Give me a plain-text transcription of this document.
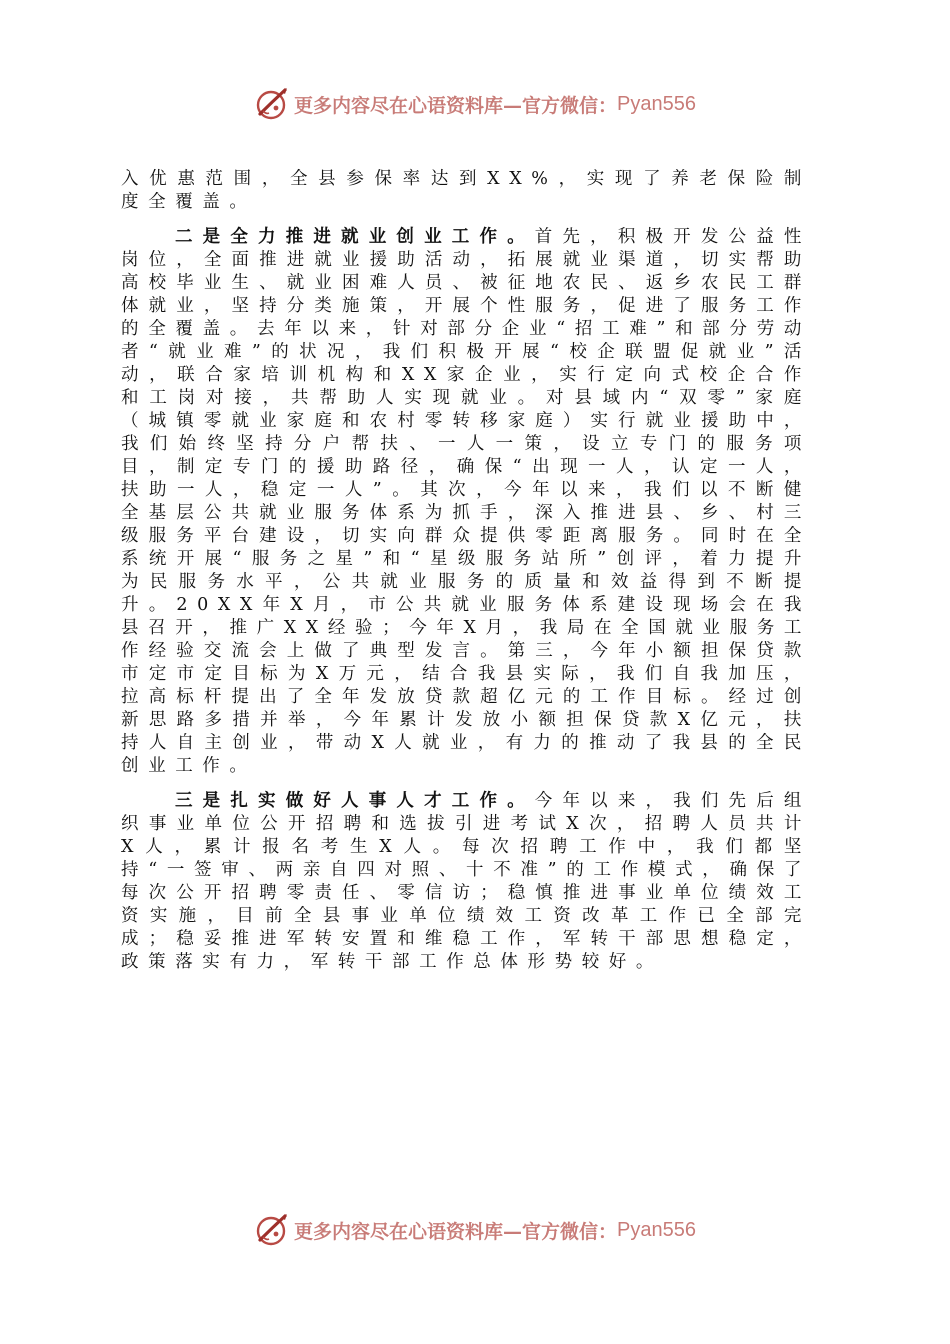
更多内容尽在心语资料库—官方微信： Pyan556

入优惠范围，全县参保率达到XX%，实现了养老保险制度全覆盖。

二是全力推进就业创业工作。首先，积极开发公益性岗位，全面推进就业援助活动，拓展就业渠道，切实帮助高校毕业生、就业困难人员、被征地农民、返乡农民工群体就业，坚持分类施策，开展个性服务，促进了服务工作的全覆盖。去年以来，针对部分企业“招工难”和部分劳动者“就业难”的状况，我们积极开展“校企联盟促就业”活动，联合家培训机构和XX家企业，实行定向式校企合作和工岗对接，共帮助人实现就业。对县域内“双零”家庭（城镇零就业家庭和农村零转移家庭）实行就业援助中，我们始终坚持分户帮扶、一人一策，设立专门的服务项目，制定专门的援助路径，确保“出现一人，认定一人，扶助一人，稳定一人”。其次，今年以来，我们以不断健全基层公共就业服务体系为抓手，深入推进县、乡、村三级服务平台建设，切实向群众提供零距离服务。同时在全系统开展“服务之星”和“星级服务站所”创评，着力提升为民服务水平，公共就业服务的质量和效益得到不断提升。20XX年X月，市公共就业服务体系建设现场会在我县召开，推广XX经验；今年X月，我局在全国就业服务工作经验交流会上做了典型发言。第三，今年小额担保贷款市定市定目标为X万元，结合我县实际，我们自我加压，拉高标杆提出了全年发放贷款超亿元的工作目标。经过创新思路多措并举，今年累计发放小额担保贷款X亿元，扶持人自主创业，带动X人就业，有力的推动了我县的全民创业工作。

三是扎实做好人事人才工作。今年以来，我们先后组织事业单位公开招聘和选拔引进考试X次，招聘人员共计X人，累计报名考生X人。每次招聘工作中，我们都坚持“一签审、两亲自四对照、十不准”的工作模式，确保了每次公开招聘零责任、零信访；稳慎推进事业单位绩效工资实施，目前全县事业单位绩效工资改革工作已全部完成；稳妥推进军转安置和维稳工作，军转干部思想稳定，政策落实有力，军转干部工作总体形势较好。

更多内容尽在心语资料库—官方微信： Pyan556
